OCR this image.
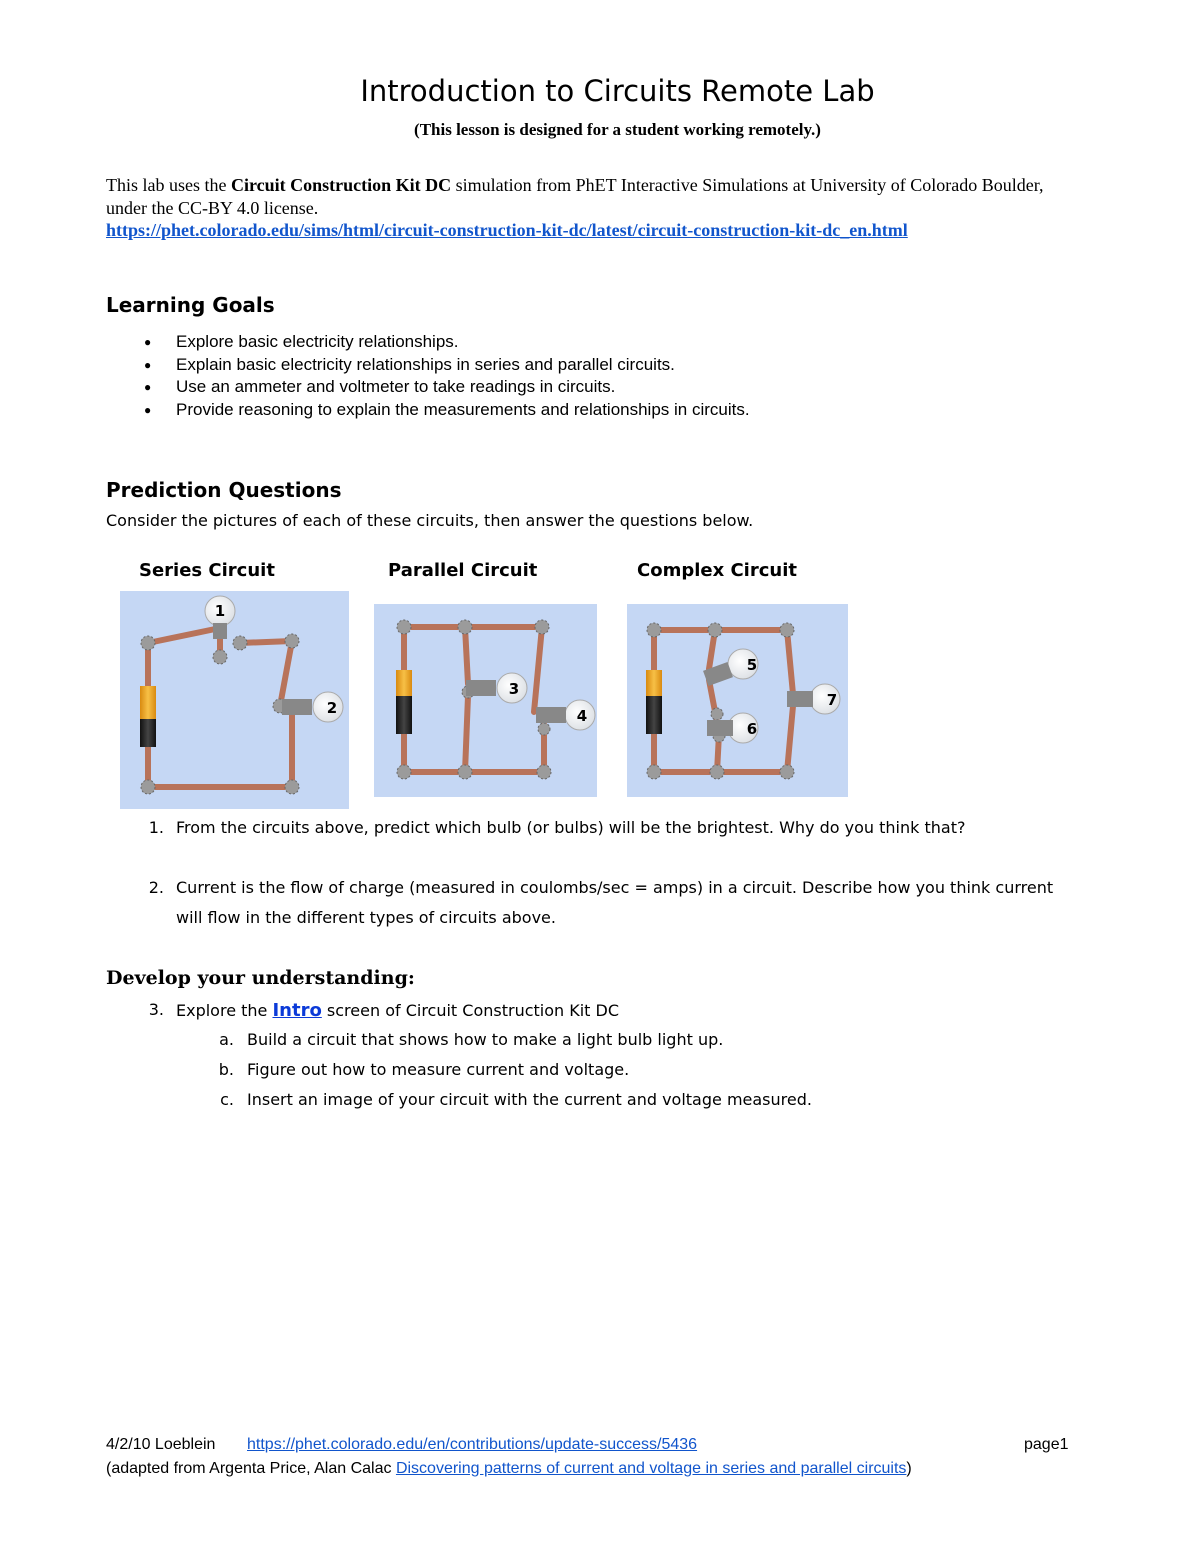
Introduction to Circuits Remote Lab
(This lesson is designed for a student working remotely.)
This lab uses the Circuit Construction Kit DC simulation from PhET Interactive Simulations at University of Colorado Boulder,
under the CC-BY 4.0 license.
https://phet.colorado.edu/sims/html/circuit-construction-kit-dc/latest/circuit-construction-kit-dc_en.html
Learning Goals
● Explore basic electricity relationships.
● Explain basic electricity relationships in series and parallel circuits.
● Use an ammeter and voltmeter to take readings in circuits.
● Provide reasoning to explain the measurements and relationships in circuits.
Prediction Questions
Consider the pictures of each of these circuits, then answer the questions below.
Series Circuit	Parallel Circuit	Complex Circuit
1
2
3
4
5
6
7
1. From the circuits above, predict which bulb (or bulbs) will be the brightest. Why do you think that?
2. Current is the flow of charge (measured in coulombs/sec = amps) in a circuit. Describe how you think current
will flow in the different types of circuits above.
Develop your understanding:
3. Explore the Intro screen of Circuit Construction Kit DC
a. Build a circuit that shows how to make a light bulb light up.
b. Figure out how to measure current and voltage.
c. Insert an image of your circuit with the current and voltage measured.
4/2/10 Loeblein https://phet.colorado.edu/en/contributions/update-success/5436	page1
(adapted from Argenta Price, Alan Calac Discovering patterns of current and voltage in series and parallel circuits)
